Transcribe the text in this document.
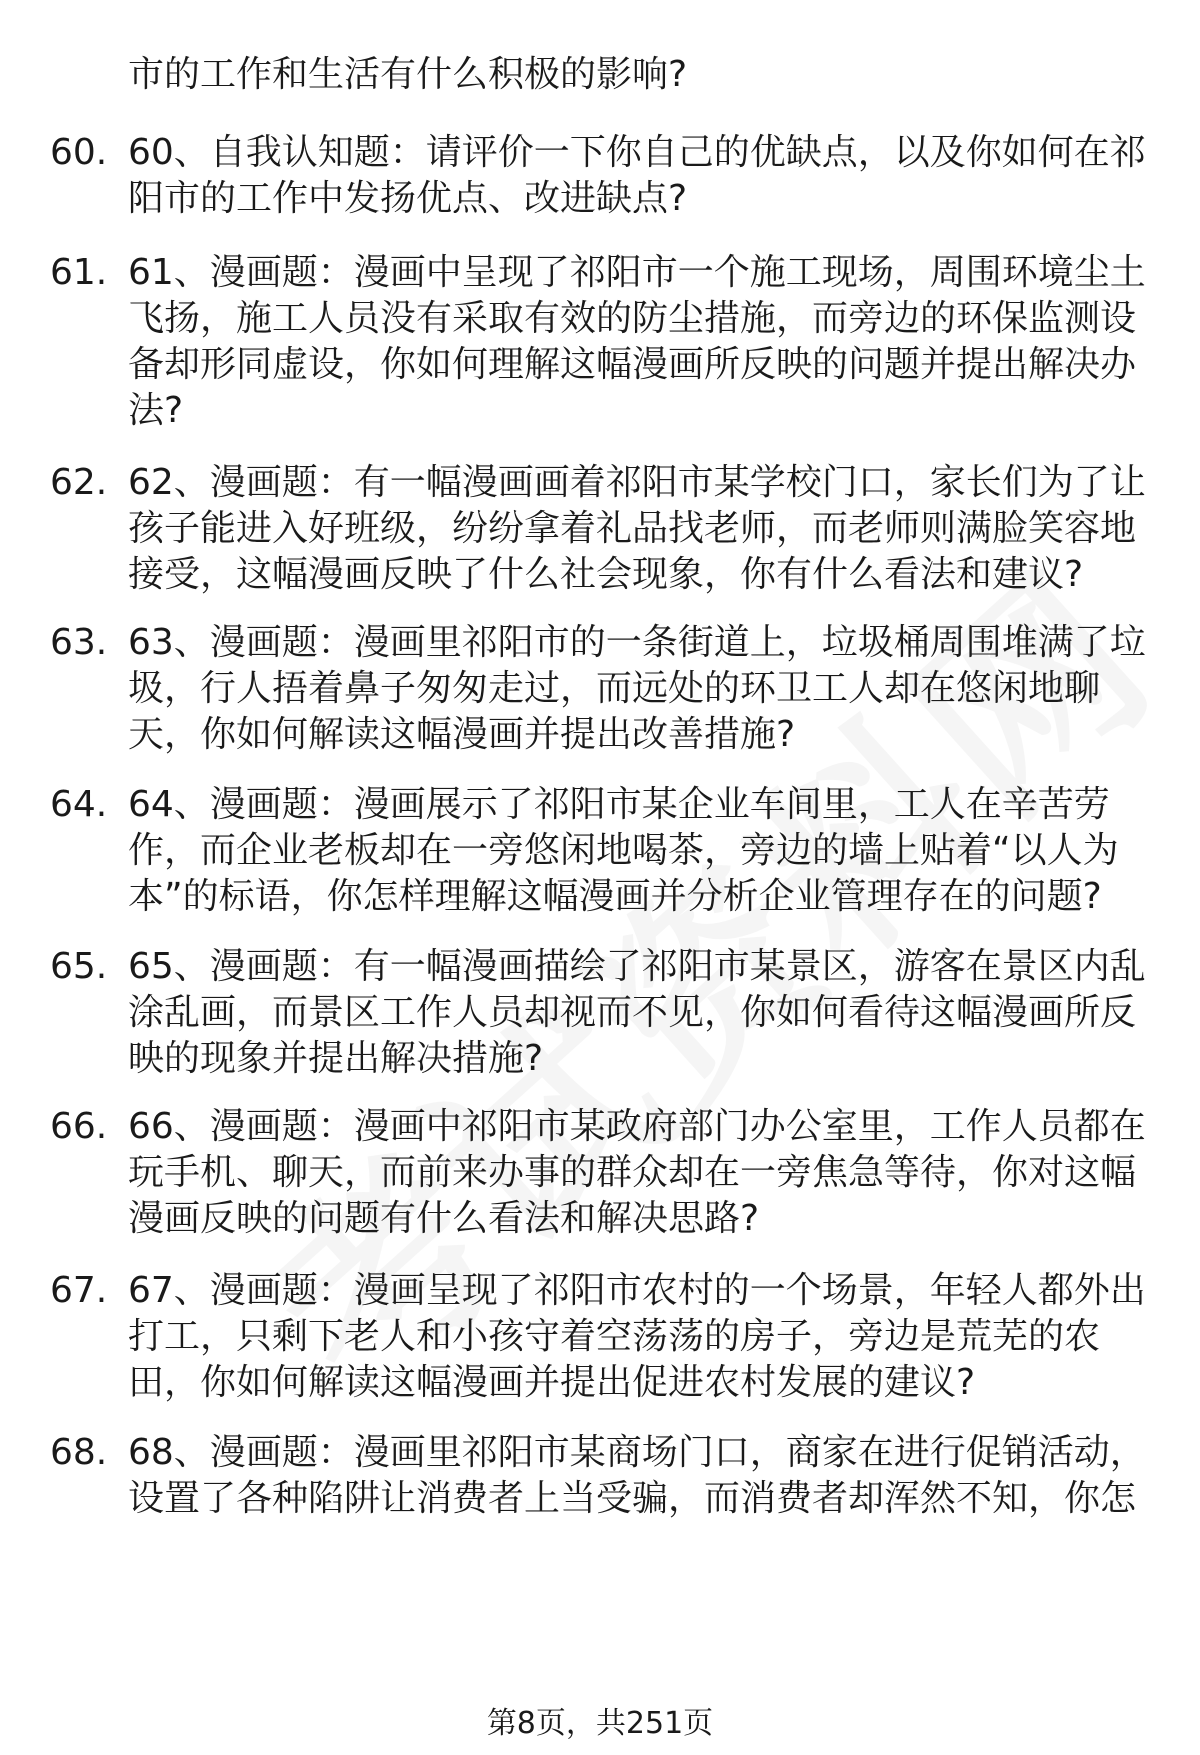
市的工作和生活有什么积极的影响?
60. 60、自我认知题：请评价一下你自己的优缺点，以及你如何在祁
阳市的工作中发扬优点、改进缺点?
61. 61、漫画题：漫画中呈现了祁阳市一个施工现场，周围环境尘土
飞扬，施工人员没有采取有效的防尘措施，而旁边的环保监测设
备却形同虚设，你如何理解这幅漫画所反映的问题并提出解决办
法?
62. 62、漫画题：有一幅漫画画着祁阳市某学校门口，家长们为了让
孩子能进入好班级，纷纷拿着礼品找老师，而老师则满脸笑容地
接受，这幅漫画反映了什么社会现象，你有什么看法和建议?
63. 63、漫画题：漫画里祁阳市的一条街道上，垃圾桶周围堆满了垃
圾，行人捂着鼻子匆匆走过，而远处的环卫工人却在悠闲地聊
天，你如何解读这幅漫画并提出改善措施?
64. 64、漫画题：漫画展示了祁阳市某企业车间里，工人在辛苦劳
作，而企业老板却在一旁悠闲地喝茶，旁边的墙上贴着“以人为
本”的标语，你怎样理解这幅漫画并分析企业管理存在的问题?
65. 65、漫画题：有一幅漫画描绘了祁阳市某景区，游客在景区内乱
涂乱画，而景区工作人员却视而不见，你如何看待这幅漫画所反
映的现象并提出解决措施?
66. 66、漫画题：漫画中祁阳市某政府部门办公室里，工作人员都在
玩手机、聊天，而前来办事的群众却在一旁焦急等待，你对这幅
漫画反映的问题有什么看法和解决思路?
67. 67、漫画题：漫画呈现了祁阳市农村的一个场景，年轻人都外出
打工，只剩下老人和小孩守着空荡荡的房子，旁边是荒芜的农
田，你如何解读这幅漫画并提出促进农村发展的建议?
68. 68、漫画题：漫画里祁阳市某商场门口，商家在进行促销活动，
设置了各种陷阱让消费者上当受骗，而消费者却浑然不知，你怎
第8页，共251页
